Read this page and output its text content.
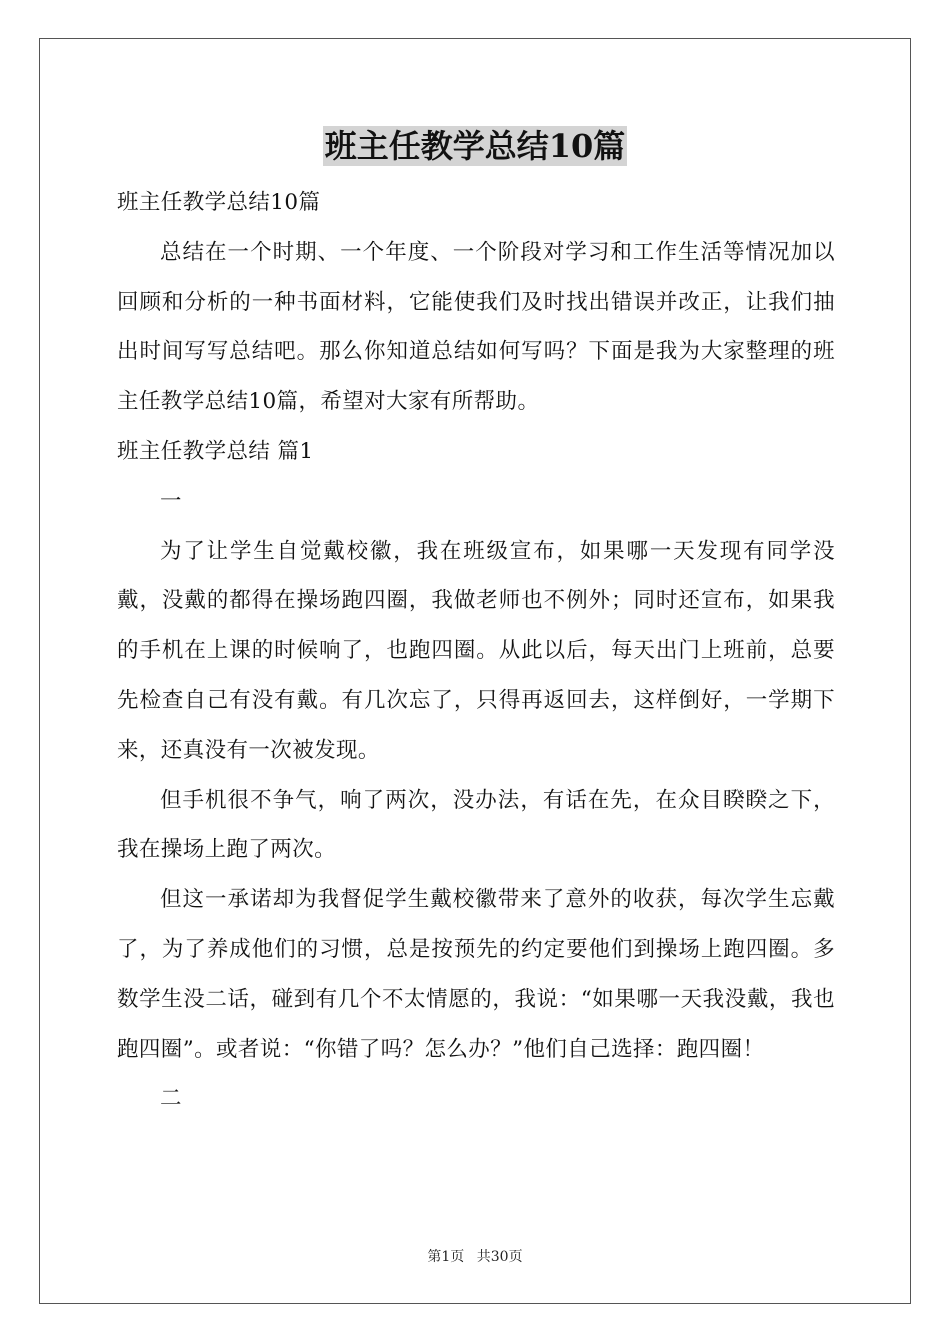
班主任教学总结10篇
班主任教学总结10篇

总结在一个时期、一个年度、一个阶段对学习和工作生活等情况加以回顾和分析的一种书面材料，它能使我们及时找出错误并改正，让我们抽出时间写写总结吧。那么你知道总结如何写吗？下面是我为大家整理的班主任教学总结10篇，希望对大家有所帮助。

班主任教学总结 篇1
一

为了让学生自觉戴校徽，我在班级宣布，如果哪一天发现有同学没戴，没戴的都得在操场跑四圈，我做老师也不例外；同时还宣布，如果我的手机在上课的时候响了，也跑四圈。从此以后，每天出门上班前，总要先检查自己有没有戴。有几次忘了，只得再返回去，这样倒好，一学期下来，还真没有一次被发现。

但手机很不争气，响了两次，没办法，有话在先，在众目睽睽之下，我在操场上跑了两次。

但这一承诺却为我督促学生戴校徽带来了意外的收获，每次学生忘戴了，为了养成他们的习惯，总是按预先的约定要他们到操场上跑四圈。多数学生没二话，碰到有几个不太情愿的，我说：“如果哪一天我没戴，我也跑四圈”。或者说：“你错了吗？怎么办？”他们自己选择：跑四圈！

二
第1页 共30页
